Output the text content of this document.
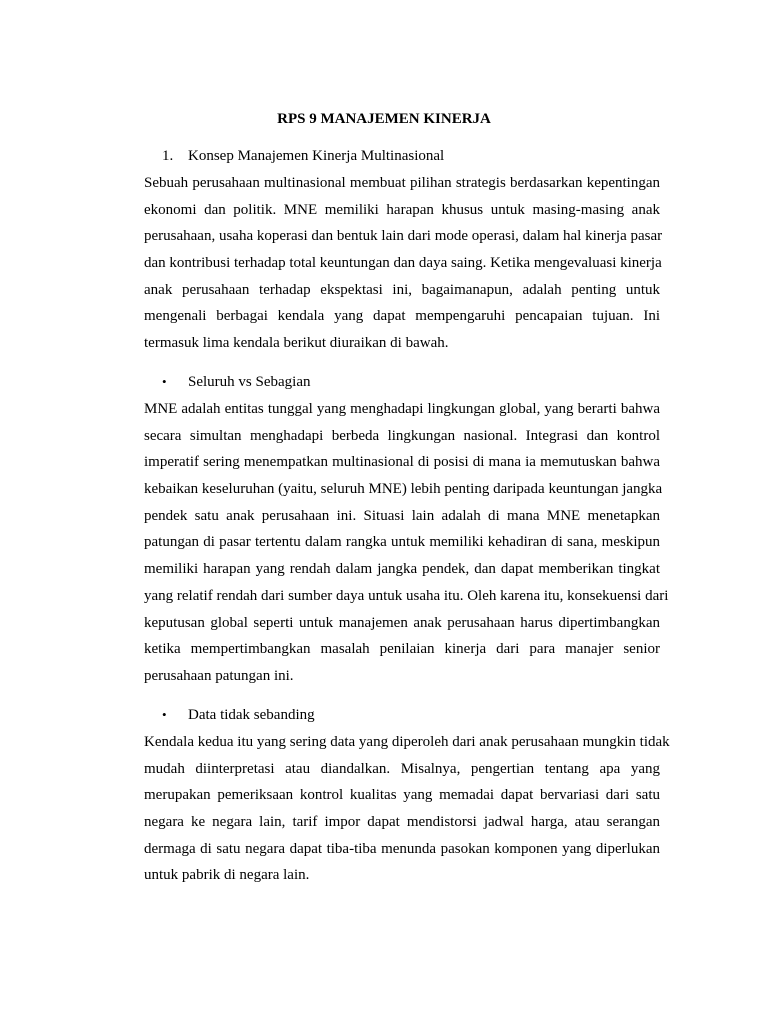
RPS 9 MANAJEMEN KINERJA
1. Konsep Manajemen Kinerja Multinasional
Sebuah perusahaan multinasional membuat pilihan strategis berdasarkan kepentingan
ekonomi dan politik. MNE memiliki harapan khusus untuk masing-masing anak
perusahaan, usaha koperasi dan bentuk lain dari mode operasi, dalam hal kinerja pasar
dan kontribusi terhadap total keuntungan dan daya saing. Ketika mengevaluasi kinerja
anak perusahaan terhadap ekspektasi ini, bagaimanapun, adalah penting untuk
mengenali berbagai kendala yang dapat mempengaruhi pencapaian tujuan. Ini
termasuk lima kendala berikut diuraikan di bawah.
• Seluruh vs Sebagian
MNE adalah entitas tunggal yang menghadapi lingkungan global, yang berarti bahwa
secara simultan menghadapi berbeda lingkungan nasional. Integrasi dan kontrol
imperatif sering menempatkan multinasional di posisi di mana ia memutuskan bahwa
kebaikan keseluruhan (yaitu, seluruh MNE) lebih penting daripada keuntungan jangka
pendek satu anak perusahaan ini. Situasi lain adalah di mana MNE menetapkan
patungan di pasar tertentu dalam rangka untuk memiliki kehadiran di sana, meskipun
memiliki harapan yang rendah dalam jangka pendek, dan dapat memberikan tingkat
yang relatif rendah dari sumber daya untuk usaha itu. Oleh karena itu, konsekuensi dari
keputusan global seperti untuk manajemen anak perusahaan harus dipertimbangkan
ketika mempertimbangkan masalah penilaian kinerja dari para manajer senior
perusahaan patungan ini.
• Data tidak sebanding
Kendala kedua itu yang sering data yang diperoleh dari anak perusahaan mungkin tidak
mudah diinterpretasi atau diandalkan. Misalnya, pengertian tentang apa yang
merupakan pemeriksaan kontrol kualitas yang memadai dapat bervariasi dari satu
negara ke negara lain, tarif impor dapat mendistorsi jadwal harga, atau serangan
dermaga di satu negara dapat tiba-tiba menunda pasokan komponen yang diperlukan
untuk pabrik di negara lain.
